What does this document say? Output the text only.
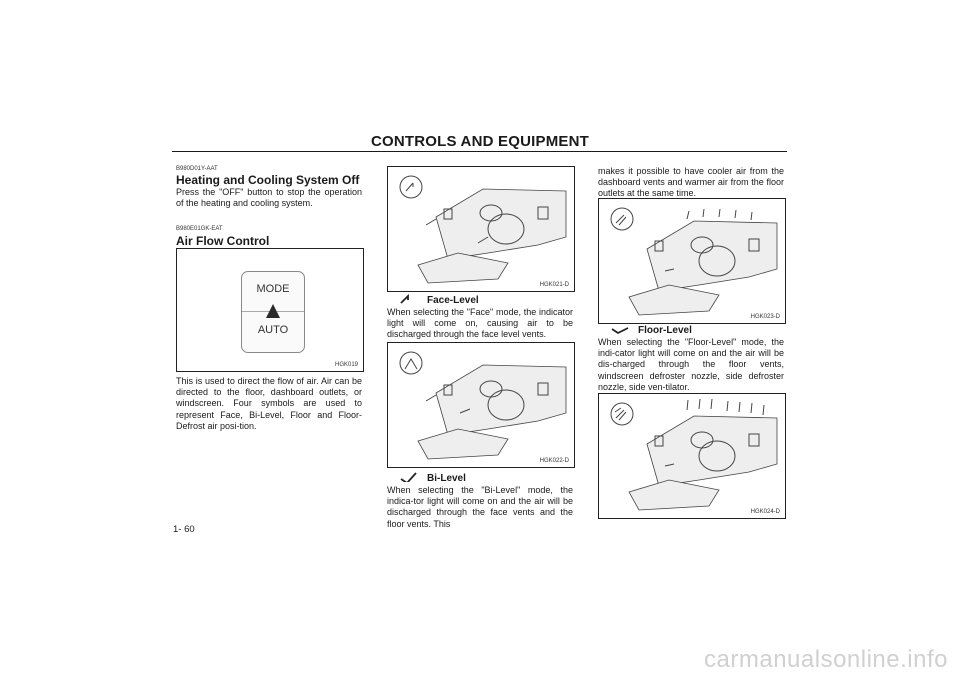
CONTROLS AND EQUIPMENT
B980D01Y-AAT
Heating and Cooling System Off
Press the "OFF" button to stop the operation of the heating and cooling system.
B980E01GK-EAT
Air Flow Control
MODE
AUTO
HGK019
This is used to direct the flow of air. Air can be directed to the floor, dashboard outlets, or windscreen. Four symbols are used to represent Face, Bi-Level, Floor and Floor-Defrost air posi-tion.
1- 60
HGK021-D
Face-Level
When selecting the "Face" mode, the indicator light will come on, causing air to be discharged through the face level vents.
HGK022-D
Bi-Level
When selecting the "Bi-Level" mode, the indica-tor light will come on and the air will be discharged through the face vents and the floor vents. This
makes it possible to have cooler air from the dashboard vents and warmer air from the floor outlets at the same time.
HGK023-D
Floor-Level
When selecting the "Floor-Level" mode, the indi-cator light will come on and the air will be dis-charged through the floor vents, windscreen defroster nozzle, side defroster nozzle, side ven-tilator.
HGK024-D
carmanualsonline.info
